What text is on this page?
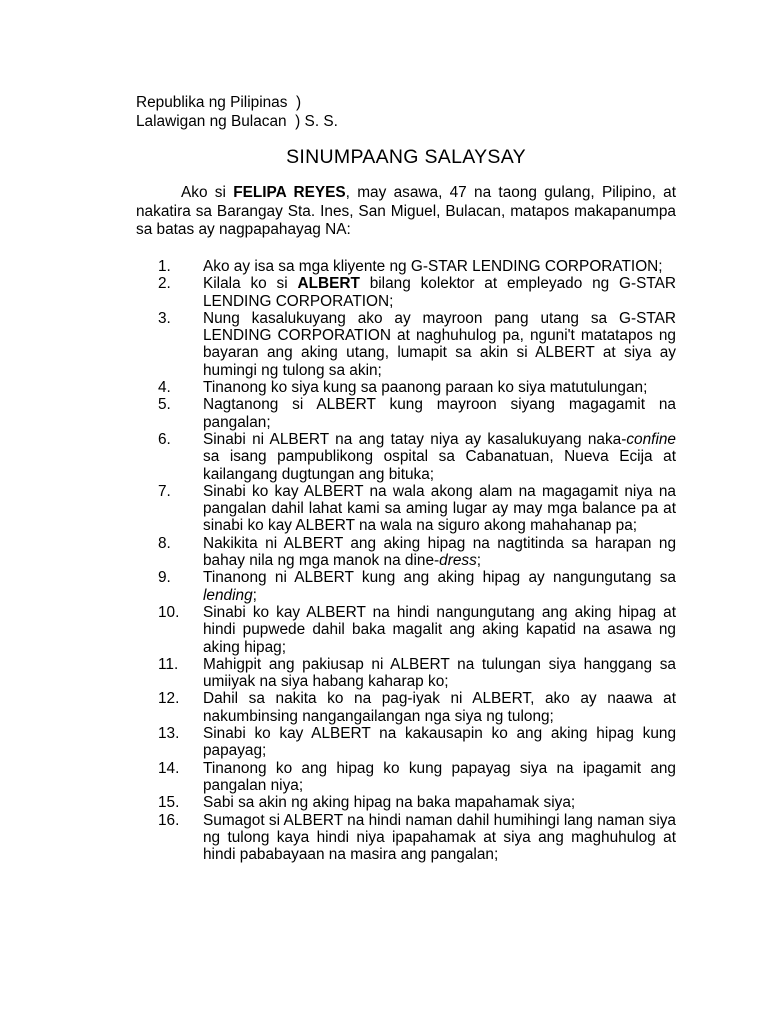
Republika ng Pilipinas  )
Lalawigan ng Bulacan  ) S. S.
SINUMPAANG SALAYSAY
Ako si FELIPA REYES, may asawa, 47 na taong gulang, Pilipino, at nakatira sa Barangay Sta. Ines, San Miguel, Bulacan, matapos makapanumpa sa batas ay nagpapahayag NA:
1. Ako ay isa sa mga kliyente ng G-STAR LENDING CORPORATION;
2. Kilala ko si ALBERT bilang kolektor at empleyado ng G-STAR LENDING CORPORATION;
3. Nung kasalukuyang ako ay mayroon pang utang sa G-STAR LENDING CORPORATION at naghuhulog pa, nguni't matatapos ng bayaran ang aking utang, lumapit sa akin si ALBERT at siya ay humingi ng tulong sa akin;
4. Tinanong ko siya kung sa paanong paraan ko siya matutulungan;
5. Nagtanong si ALBERT kung mayroon siyang magagamit na pangalan;
6. Sinabi ni ALBERT na ang tatay niya ay kasalukuyang naka-confine sa isang pampublikong ospital sa Cabanatuan, Nueva Ecija at kailangang dugtungan ang bituka;
7. Sinabi ko kay ALBERT na wala akong alam na magagamit niya na pangalan dahil lahat kami sa aming lugar ay may mga balance pa at sinabi ko kay ALBERT na wala na siguro akong mahahanap pa;
8. Nakikita ni ALBERT ang aking hipag na nagtitinda sa harapan ng bahay nila ng mga manok na dine-dress;
9. Tinanong ni ALBERT kung ang aking hipag ay nangungutang sa lending;
10. Sinabi ko kay ALBERT na hindi nangungutang ang aking hipag at hindi pupwede dahil baka magalit ang aking kapatid na asawa ng aking hipag;
11. Mahigpit ang pakiusap ni ALBERT na tulungan siya hanggang sa umiiyak na siya habang kaharap ko;
12. Dahil sa nakita ko na pag-iyak ni ALBERT, ako ay naawa at nakumbinsing nangangailangan nga siya ng tulong;
13. Sinabi ko kay ALBERT na kakausapin ko ang aking hipag kung papayag;
14. Tinanong ko ang hipag ko kung papayag siya na ipagamit ang pangalan niya;
15. Sabi sa akin ng aking hipag na baka mapahamak siya;
16. Sumagot si ALBERT na hindi naman dahil humihingi lang naman siya ng tulong kaya hindi niya ipapahamak at siya ang maghuhulog at hindi pababayaan na masira ang pangalan;
